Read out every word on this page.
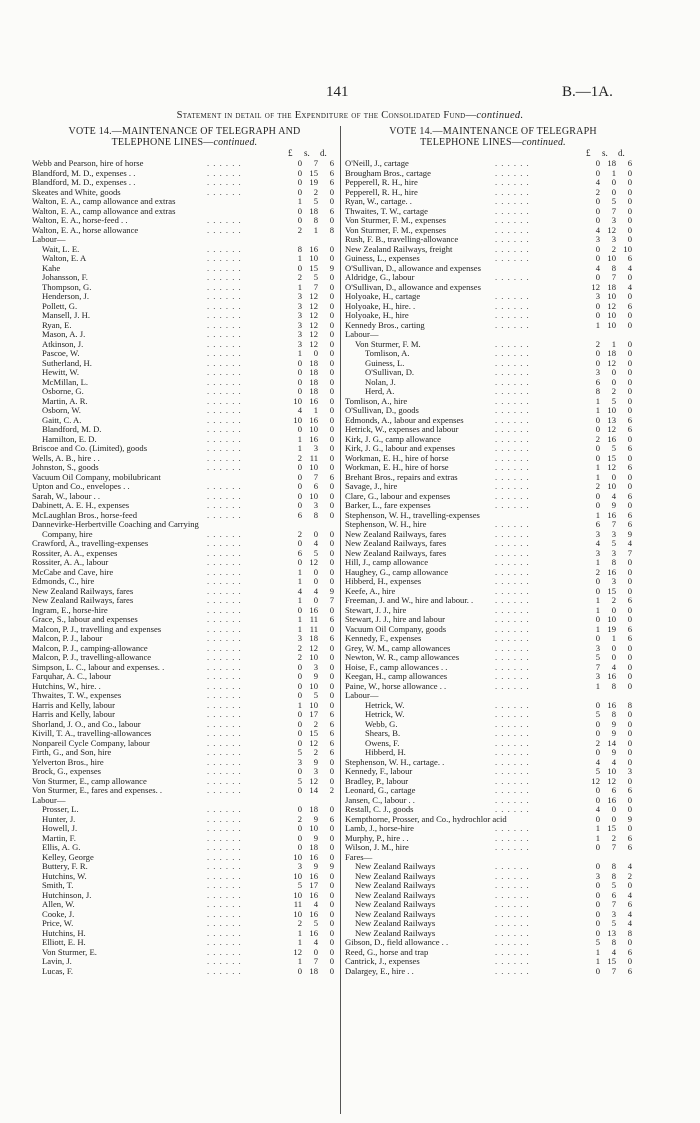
141	B.—1A.
Statement in detail of the Expenditure of the Consolidated Fund—continued.
VOTE 14.—MAINTENANCE OF TELEGRAPH AND
TELEPHONE LINES—continued.
£	s.	d.
Webb and Pearson, hire of horse	. . . . . .	0	7	6
Blandford, M. D., expenses . .	. . . . . .	0 15	6
Blandford, M. D., expenses . .	. . . . . .	0 19	6
Skeates and White, goods	. . . . . .	0	2	0
Walton, E. A., camp allowance and extras	1	5	0
Walton, E. A., camp allowance and extras	0 18	6
Walton, E. A., horse-feed . .	. . . . . .	0	8	0
Walton, E. A., horse allowance	. . . . . .	2	1	8
Labour—
Wait, L. E.	. . . . . .	8 16	0
Walton, E. A	. . . . . .	1 10	0
Kahe	. . . . . .	0 15	9
Johansson, F.	. . . . . .	2	5	0
Thompson, G.	. . . . . .	1	7	0
Henderson, J.	. . . . . .	3 12	0
Pollett, G.	. . . . . .	3 12	0
Mansell, J. H.	. . . . . .	3 12	0
Ryan, E.	. . . . . .	3 12	0
Mason, A. J.	. . . . . .	3 12	0
Atkinson, J.	. . . . . .	3 12	0
Pascoe, W.	. . . . . .	1	0	0
Sutherland, H.	. . . . . .	0 18	0
Hewitt, W.	. . . . . .	0 18	0
McMillan, L.	. . . . . .	0 18	0
Osborne, G.	. . . . . .	0 18	0
Martin, A. R.	. . . . . .	10 16	0
Osborn, W.	. . . . . .	4	1	0
Gaitt, C. A.	. . . . . .	10 16	0
Blandford, M. D.	. . . . . .	0 10	0
Hamilton, E. D.	. . . . . .	1 16	0
Briscoe and Co. (Limited), goods	. . . . . .	1	3	0
Wells, A. B., hire . .	. . . . . .	2 11	0
Johnston, S., goods	. . . . . .	0 10	0
Vacuum Oil Company, mobilubricant	0	7	6
Upton and Co., envelopes . .	. . . . . .	0	6	0
Sarah, W., labour . .	. . . . . .	0 10	0
Dabinett, A. E. H., expenses	. . . . . .	0	3	0
McLaughlan Bros., horse-feed	. . . . . .	6	8	0
Dannevirke-Herbertville Coaching and Carrying
Company, hire	. . . . . .	2	0	0
Crawford, A., travelling-expenses	. . . . . .	0	4	0
Rossiter, A. A., expenses	. . . . . .	6	5	0
Rossiter, A. A., labour	. . . . . .	0 12	0
McCabe and Cave, hire	. . . . . .	1	0	0
Edmonds, C., hire	. . . . . .	1	0	0
New Zealand Railways, fares	. . . . . .	4	4	9
New Zealand Railways, fares	. . . . . .	1	0	7
Ingram, E., horse-hire	. . . . . .	0 16	0
Grace, S., labour and expenses	. . . . . .	1 11	6
Malcon, P. J., travelling and expenses	. . . . . .	1 11	0
Malcon, P. J., labour	. . . . . .	3 18	6
Malcon, P. J., camping-allowance	. . . . . .	2 12	0
Malcon, P. J., travelling-allowance	. . . . . .	2 10	0
Simpson, L. C., labour and expenses. .	. . . . . .	0	3	0
Farquhar, A. C., labour	. . . . . .	0	9	0
Hutchins, W., hire. .	. . . . . .	0 10	0
Thwaites, T. W., expenses	. . . . . .	0	5	0
Harris and Kelly, labour	. . . . . .	1 10	0
Harris and Kelly, labour	. . . . . .	0 17	6
Shorland, J. O., and Co., labour	. . . . . .	0	2	6
Kivill, T. A., travelling-allowances	. . . . . .	0 15	6
Nonpareil Cycle Company, labour	. . . . . .	0 12	6
Firth, G., and Son, hire	. . . . . .	5	2	6
Yelverton Bros., hire	. . . . . .	3	9	0
Brock, G., expenses	. . . . . .	0	3	0
Von Sturmer, E., camp allowance	. . . . . .	5 12	0
Von Sturmer, E., fares and expenses. .	. . . . . .	0 14	2
Labour—
Prosser, L.	. . . . . .	0 18	0
Hunter, J.	. . . . . .	2	9	6
Howell, J.	. . . . . .	0 10	0
Martin, F.	. . . . . .	0	9	0
Ellis, A. G.	. . . . . .	0 18	0
Kelley, George	. . . . . .	10 16	0
Buttery, F. R.	. . . . . .	3	9	9
Hutchins, W.	. . . . . .	10 16	0
Smith, T.	. . . . . .	5 17	0
Hutchinson, J.	. . . . . .	10 16	0
Allen, W.	. . . . . .	11	4	0
Cooke, J.	. . . . . .	10 16	0
Price, W.	. . . . . .	2	5	0
Hutchins, H.	. . . . . .	1 16	0
Elliott, E. H.	. . . . . .	1	4	0
Von Sturmer, E.	. . . . . .	12	0	0
Lavin, J.	. . . . . .	1	7	0
Lucas, F.	. . . . . .	0 18	0
VOTE 14.—MAINTENANCE OF TELEGRAPH
TELEPHONE LINES—continued.
£	s.	d.
O'Neill, J., cartage	. . . . . .	0 18	6
Brougham Bros., cartage	. . . . . .	0	1	0
Pepperell, R. H., hire	. . . . . .	4	0	0
Pepperell, R. H., hire	. . . . . .	2	0	0
Ryan, W., cartage. .	. . . . . .	0	5	0
Thwaites, T. W., cartage	. . . . . .	0	7	0
Von Sturmer, F. M., expenses	. . . . . .	0	3	0
Von Sturmer, F. M., expenses	. . . . . .	4 12	0
Rush, F. B., travelling-allowance	. . . . . .	3	3	0
New Zealand Railways, freight	. . . . . .	0	2 10
Guiness, L., expenses	. . . . . .	0 10	6
O'Sullivan, D., allowance and expenses	4	8	4
Aldridge, G., labour	. . . . . .	0	7	0
O'Sullivan, D., allowance and expenses	12 18	4
Holyoake, H., cartage	. . . . . .	3 10	0
Holyoake, H., hire. .	. . . . . .	0 12	6
Holyoake, H., hire	. . . . . .	0 10	0
Kennedy Bros., carting	. . . . . .	1 10	0
Labour—
Von Sturmer, F. M.	. . . . . .	2	1	0
Tomlison, A.	. . . . . .	0 18	0
Guiness, L.	. . . . . .	0 12	0
O'Sullivan, D.	. . . . . .	3	0	0
Nolan, J.	. . . . . .	6	0	0
Herd, A.	. . . . . .	8	2	0
Tomlison, A., hire	. . . . . .	1	5	0
O'Sullivan, D., goods	. . . . . .	1 10	0
Edmonds, A., labour and expenses	. . . . . .	0 13	6
Hetrick, W., expenses and labour	. . . . . .	0 12	6
Kirk, J. G., camp allowance	. . . . . .	2 16	0
Kirk, J. G., labour and expenses	. . . . . .	0	5	6
Workman, E. H., hire of horse	. . . . . .	0 15	0
Workman, E. H., hire of horse	. . . . . .	1 12	6
Brehant Bros., repairs and extras	. . . . . .	1	0	0
Savage, J., hire	. . . . . .	2 10	0
Clare, G., labour and expenses	. . . . . .	0	4	6
Barker, L., fare expenses	. . . . . .	0	9	0
Stephenson, W. H., travelling-expenses	1 16	6
Stephenson, W. H., hire	. . . . . .	6	7	6
New Zealand Railways, fares	. . . . . .	3	3	9
New Zealand Railways, fares	. . . . . .	4	5	4
New Zealand Railways, fares	. . . . . .	3	3	7
Hill, J., camp allowance	. . . . . .	1	8	0
Haughey, G., camp allowance	. . . . . .	2 16	0
Hibberd, H., expenses	. . . . . .	0	3	0
Keefe, A., hire	. . . . . .	0 15	0
Freeman, J. and W., hire and labour. .	. . . . . .	1	2	6
Stewart, J. J., hire	. . . . . .	1	0	0
Stewart, J. J., hire and labour	. . . . . .	0 10	0
Vacuum Oil Company, goods	. . . . . .	1 19	6
Kennedy, F., expenses	. . . . . .	0	1	6
Grey, W. M., camp allowances	. . . . . .	3	0	0
Newton, W. R., camp allowances	. . . . . .	5	0	0
Hoise, F., camp allowances . .	. . . . . .	7	4	0
Keegan, H., camp allowances	. . . . . .	3 16	0
Paine, W., horse allowance . .	. . . . . .	1	8	0
Labour—
Hetrick, W.	. . . . . .	0 16	8
Hetrick, W.	. . . . . .	5	8	0
Webb, G.	. . . . . .	0	9	0
Shears, B.	. . . . . .	0	9	0
Owens, F.	. . . . . .	2 14	0
Hibberd, H.	. . . . . .	0	9	0
Stephenson, W. H., cartage. .	. . . . . .	4	4	0
Kennedy, F., labour	. . . . . .	5 10	3
Bradley, P., labour	. . . . . .	12 12	0
Leonard, G., cartage	. . . . . .	0	6	6
Jansen, C., labour . .	. . . . . .	0 16	0
Restall, C. J., goods	. . . . . .	4	0	0
Kempthorne, Prosser, and Co., hydrochlor acid	0	0	9
Lamb, J., horse-hire	. . . . . .	1 15	0
Murphy, P., hire . .	. . . . . .	1	2	6
Wilson, J. M., hire	. . . . . .	0	7	6
Fares—
New Zealand Railways	. . . . . .	0	8	4
New Zealand Railways	. . . . . .	3	8	2
New Zealand Railways	. . . . . .	0	5	0
New Zealand Railways	. . . . . .	0	6	4
New Zealand Railways	. . . . . .	0	7	6
New Zealand Railways	. . . . . .	0	3	4
New Zealand Railways	. . . . . .	0	5	4
New Zealand Railways	. . . . . .	0 13	8
Gibson, D., field allowance . .	. . . . . .	5	8	0
Reed, G., horse and trap	. . . . . .	1	4	6
Cantrick, J., expenses	. . . . . .	1 15	0
Dalargey, E., hire . .	. . . . . .	0	7	6
